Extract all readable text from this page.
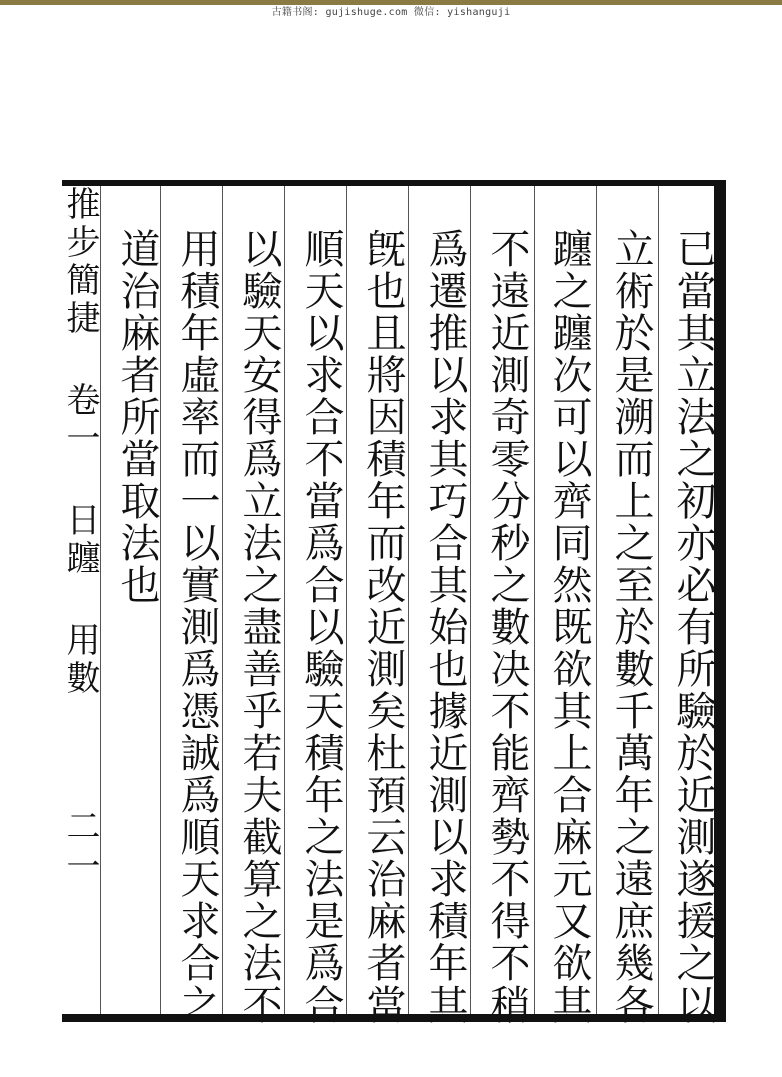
古籍书阁: gujishuge.com 微信: yishanguji
已當其立法之初亦必有所驗於近測遂援之以
立術於是溯而上之至於數千萬年之遠庶幾各
躔之躔次可以齊同然既欲其上合麻元又欲其
不遠近測奇零分秒之數决不能齊勢不得不稍
爲遷推以求其巧合其始也據近測以求積年其
旣也且將因積年而改近測矣杜預云治麻者當
順天以求合不當爲合以驗天積年之法是爲合
以驗天安得爲立法之盡善乎若夫截算之法不
用積年虛率而一以實測爲憑誠爲順天求合之
道治麻者所當取法也
推步簡捷 卷一 日躔 用數
二一
